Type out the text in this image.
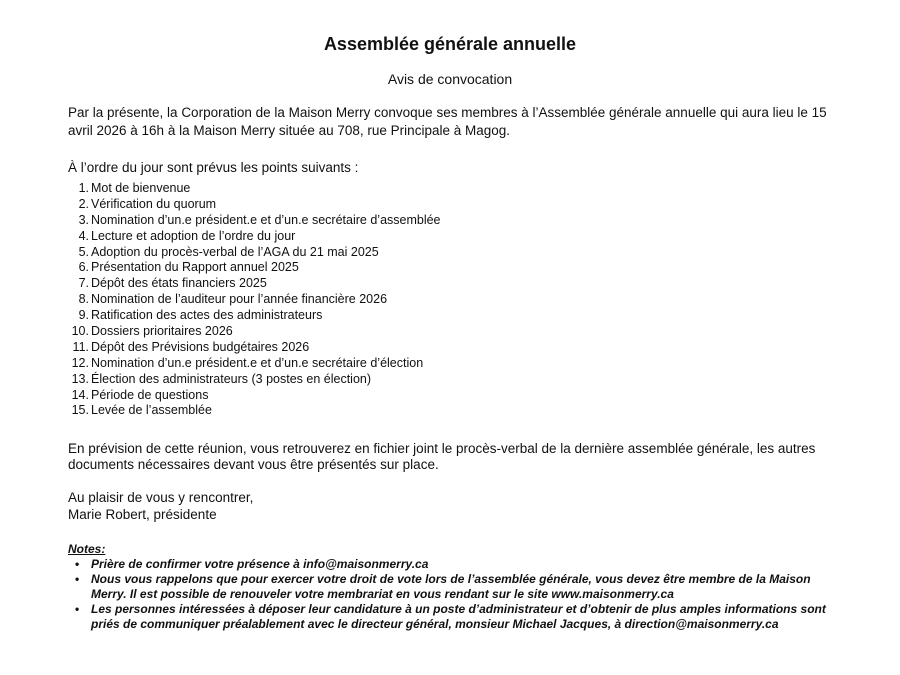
Assemblée générale annuelle

Avis de convocation

Par la présente, la Corporation de la Maison Merry convoque ses membres à l’Assemblée générale annuelle qui aura lieu le 15 avril 2026 à 16h à la Maison Merry située au 708, rue Principale à Magog.

À l’ordre du jour sont prévus les points suivants :

1. Mot de bienvenue
2. Vérification du quorum
3. Nomination d’un.e président.e et d’un.e secrétaire d’assemblée
4. Lecture et adoption de l’ordre du jour
5. Adoption du procès-verbal de l’AGA du 21 mai 2025
6. Présentation du Rapport annuel 2025
7. Dépôt des états financiers 2025
8. Nomination de l’auditeur pour l’année financière 2026
9. Ratification des actes des administrateurs
10. Dossiers prioritaires 2026
11. Dépôt des Prévisions budgétaires 2026
12. Nomination d’un.e président.e et d’un.e secrétaire d’élection
13. Élection des administrateurs (3 postes en élection)
14. Période de questions
15. Levée de l’assemblée

En prévision de cette réunion, vous retrouverez en fichier joint le procès-verbal de la dernière assemblée générale, les autres documents nécessaires devant vous être présentés sur place.

Au plaisir de vous y rencontrer,
Marie Robert, présidente

Notes:

• Prière de confirmer votre présence à info@maisonmerry.ca
• Nous vous rappelons que pour exercer votre droit de vote lors de l’assemblée générale, vous devez être membre de la Maison Merry. Il est possible de renouveler votre membrariat en vous rendant sur le site www.maisonmerry.ca
• Les personnes intéressées à déposer leur candidature à un poste d’administrateur et d’obtenir de plus amples informations sont priés de communiquer préalablement avec le directeur général, monsieur Michael Jacques, à direction@maisonmerry.ca
